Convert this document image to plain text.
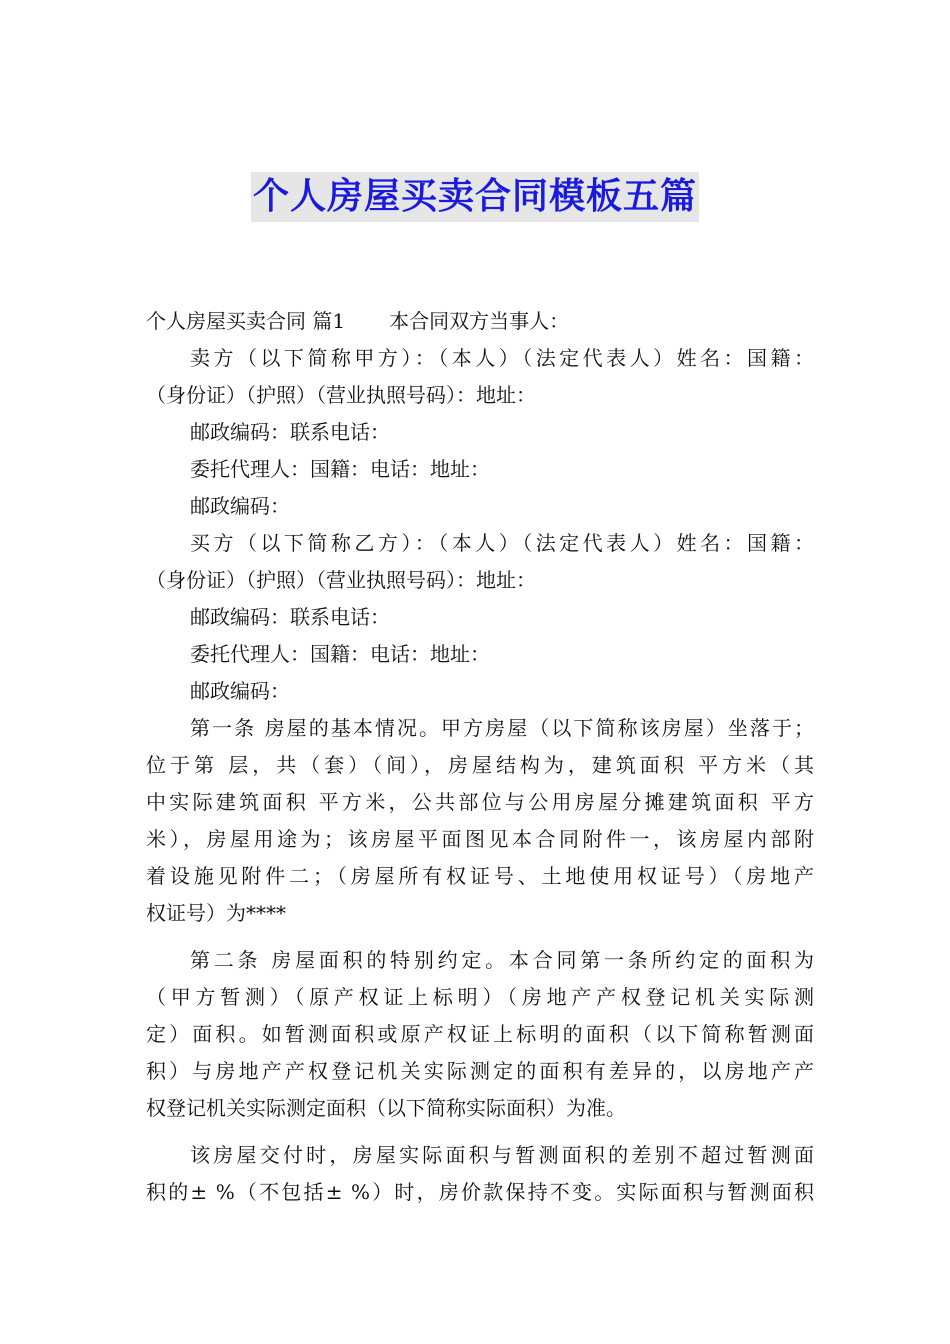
个人房屋买卖合同模板五篇
个人房屋买卖合同 篇1 本合同双方当事人：
卖方（以下简称甲方）：（本人）（法定代表人）姓名：国籍：
（身份证）（护照）（营业执照号码）：地址：
邮政编码：联系电话：
委托代理人：国籍：电话：地址：
邮政编码：
买方（以下简称乙方）：（本人）（法定代表人）姓名：国籍：
（身份证）（护照）（营业执照号码）：地址：
邮政编码：联系电话：
委托代理人：国籍：电话：地址：
邮政编码：
第一条 房屋的基本情况。甲方房屋（以下简称该房屋）坐落于；
位于第 层，共（套）（间），房屋结构为，建筑面积 平方米（其
中实际建筑面积 平方米，公共部位与公用房屋分摊建筑面积 平方
米），房屋用途为；该房屋平面图见本合同附件一，该房屋内部附
着设施见附件二；（房屋所有权证号、土地使用权证号）（房地产
权证号）为****
第二条 房屋面积的特别约定。本合同第一条所约定的面积为
（甲方暂测）（原产权证上标明）（房地产产权登记机关实际测
定）面积。如暂测面积或原产权证上标明的面积（以下简称暂测面
积）与房地产产权登记机关实际测定的面积有差异的，以房地产产
权登记机关实际测定面积（以下简称实际面积）为准。
该房屋交付时，房屋实际面积与暂测面积的差别不超过暂测面
积的± %（不包括± %）时，房价款保持不变。实际面积与暂测面积
